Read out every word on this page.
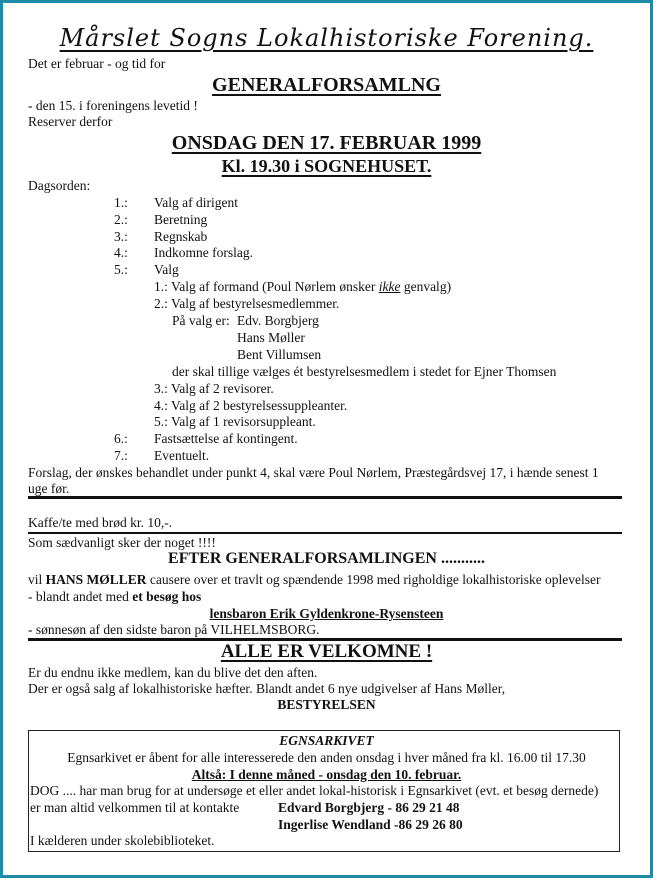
Mårslet Sogns Lokalhistoriske Forening.
Det er februar - og tid for
GENERALFORSAMLNG
- den 15. i foreningens levetid !
Reserver derfor
ONSDAG DEN 17. FEBRUAR 1999
Kl. 19.30 i SOGNEHUSET.
Dagsorden:
1.: Valg af dirigent
2.: Beretning
3.: Regnskab
4.: Indkomne forslag.
5.: Valg
1.: Valg af formand (Poul Nørlem ønsker ikke genvalg)
2.: Valg af bestyrelsesmedlemmer.
På valg er: Edv. Borgbjerg
Hans Møller
Bent Villumsen
der skal tillige vælges ét bestyrelsesmedlem i stedet for Ejner Thomsen
3.: Valg af 2 revisorer.
4.: Valg af 2 bestyrelsessuppleanter.
5.: Valg af 1 revisorsuppleant.
6.: Fastsættelse af kontingent.
7.: Eventuelt.
Forslag, der ønskes behandlet under punkt 4, skal være Poul Nørlem, Præstegårdsvej 17, i hænde senest 1
uge før.
Kaffe/te med brød kr. 10,-.
Som sædvanligt sker der noget !!!!
EFTER GENERALFORSAMLINGEN ...........
vil HANS MØLLER causere over et travlt og spændende 1998 med righoldige lokalhistoriske oplevelser
- blandt andet med et besøg hos
lensbaron Erik Gyldenkrone-Rysensteen
- sønnesøn af den sidste baron på VILHELMSBORG.
ALLE ER VELKOMNE !
Er du endnu ikke medlem, kan du blive det den aften.
Der er også salg af lokalhistoriske hæfter. Blandt andet 6 nye udgivelser af Hans Møller,
BESTYRELSEN
EGNSARKIVET
Egnsarkivet er åbent for alle interesserede den anden onsdag i hver måned fra kl. 16.00 til 17.30
Altså: I denne måned - onsdag den 10. februar.
DOG .... har man brug for at undersøge et eller andet lokal-historisk i Egnsarkivet (evt. et besøg dernede)
er man altid velkommen til at kontakte	Edvard Borgbjerg - 86 29 21 48
Ingerlise Wendland -86 29 26 80
I kælderen under skolebiblioteket.
